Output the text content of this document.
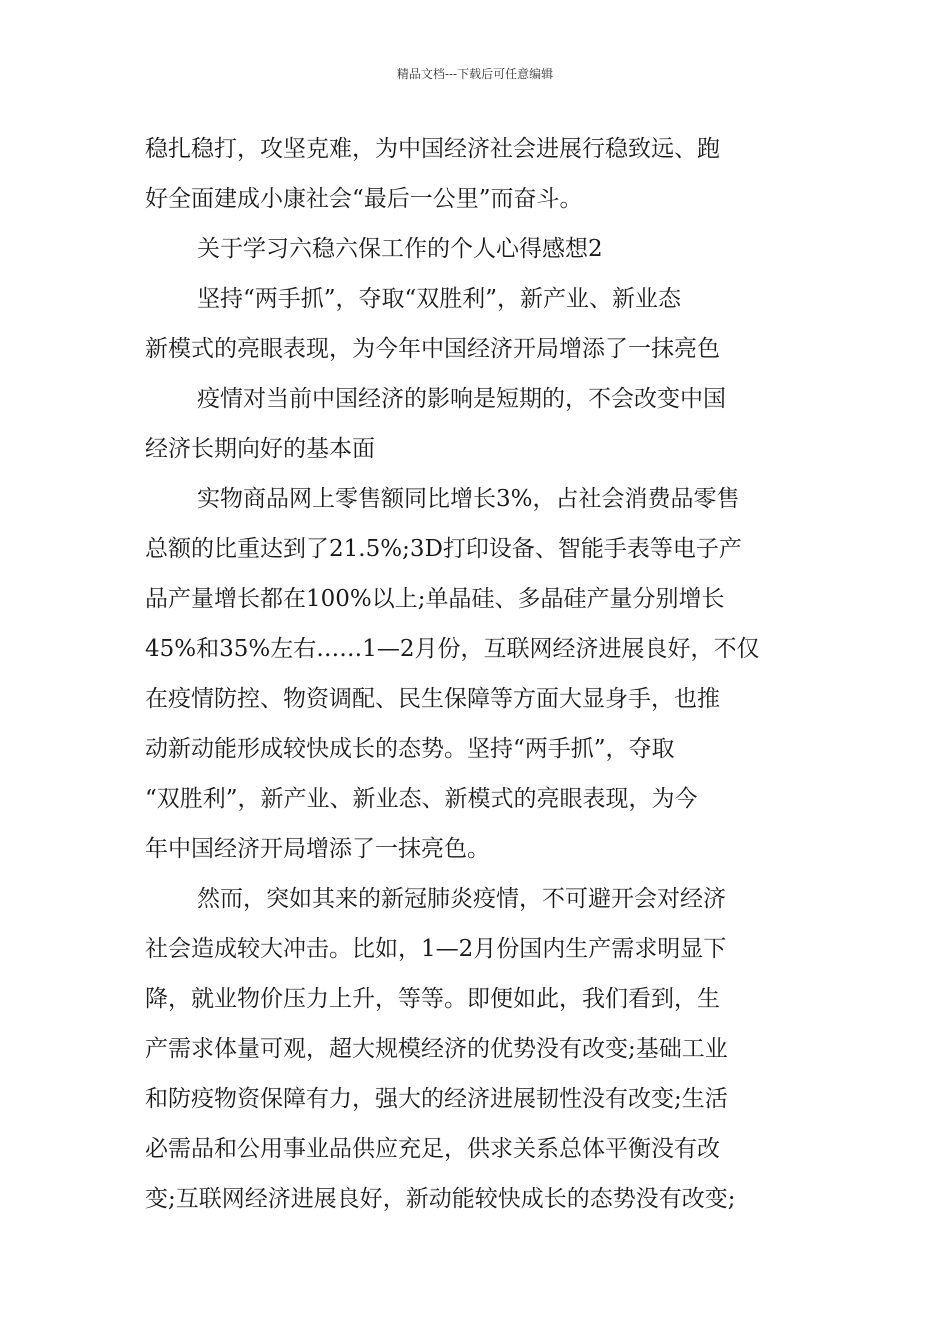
精品文档---下载后可任意编辑
稳扎稳打，攻坚克难，为中国经济社会进展行稳致远、跑
好全面建成小康社会“最后一公里”而奋斗。
关于学习六稳六保工作的个人心得感想2
坚持“两手抓”，夺取“双胜利”，新产业、新业态
新模式的亮眼表现，为今年中国经济开局增添了一抹亮色
疫情对当前中国经济的影响是短期的，不会改变中国
经济长期向好的基本面
实物商品网上零售额同比增长3%，占社会消费品零售
总额的比重达到了21.5%;3D打印设备、智能手表等电子产
品产量增长都在100%以上;单晶硅、多晶硅产量分别增长
45%和35%左右……1—2月份，互联网经济进展良好，不仅
在疫情防控、物资调配、民生保障等方面大显身手，也推
动新动能形成较快成长的态势。坚持“两手抓”，夺取
“双胜利”，新产业、新业态、新模式的亮眼表现，为今
年中国经济开局增添了一抹亮色。
然而，突如其来的新冠肺炎疫情，不可避开会对经济
社会造成较大冲击。比如，1—2月份国内生产需求明显下
降，就业物价压力上升，等等。即便如此，我们看到，生
产需求体量可观，超大规模经济的优势没有改变;基础工业
和防疫物资保障有力，强大的经济进展韧性没有改变;生活
必需品和公用事业品供应充足，供求关系总体平衡没有改
变;互联网经济进展良好，新动能较快成长的态势没有改变;
